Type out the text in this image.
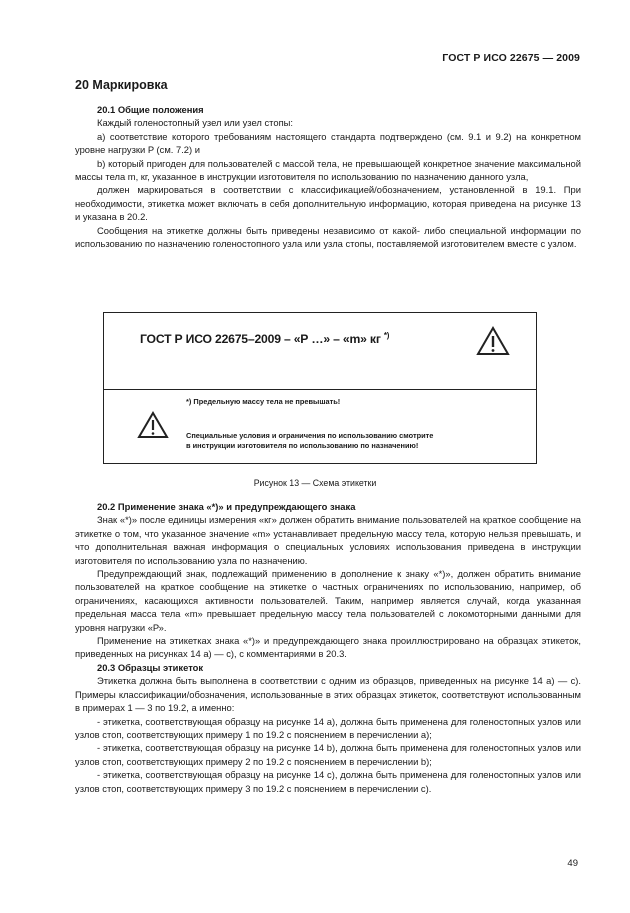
ГОСТ Р ИСО 22675 — 2009
20 Маркировка

20.1 Общие положения

Каждый голеностопный узел или узел стопы:

а) соответствие которого требованиям настоящего стандарта подтверждено (см. 9.1 и 9.2) на конкретном уровне нагрузки P (см. 7.2) и

b) который пригоден для пользователей с массой тела, не превышающей конкретное значение максимальной массы тела m, кг, указанное в инструкции изготовителя по использованию по назначению данного узла,

должен маркироваться в соответствии с классификацией/обозначением, установленной в 19.1. При необходимости, этикетка может включать в себя дополнительную информацию, которая приведена на рисунке 13 и указана в 20.2.

Сообщения на этикетке должны быть приведены независимо от какой- либо специальной информации по использованию по назначению голеностопного узла или узла стопы, поставляемой изготовителем вместе с узлом.

ГОСТ Р ИСО 22675–2009 – «Р …» – «m» кг *)
*) Предельную массу тела не превышать!
Специальные условия и ограничения по использованию смотрите
в инструкции изготовителя по использованию по назначению!
Рисунок 13 — Схема этикетки

20.2 Применение знака «*)» и предупреждающего знака

Знак «*)» после единицы измерения «кг» должен обратить внимание пользователей на краткое сообщение на этикетке о том, что указанное значение «m» устанавливает предельную массу тела, которую нельзя превышать, и что дополнительная важная информация о специальных условиях использования приведена в инструкции изготовителя по использованию узла по назначению.

Предупреждающий знак, подлежащий применению в дополнение к знаку «*)», должен обратить внимание пользователей на краткое сообщение на этикетке о частных ограничениях по использованию, например, об ограничениях, касающихся активности пользователей. Таким, например является случай, когда указанная предельная масса тела «m» превышает предельную массу тела пользователей с локомоторными данными для уровня нагрузки «Р».

Применение на этикетках знака «*)» и предупреждающего знака проиллюстрировано на образцах этикеток, приведенных на рисунках 14 а) — с), с комментариями в 20.3.

20.3 Образцы этикеток

Этикетка должна быть выполнена в соответствии с одним из образцов, приведенных на рисунке 14 а) — с). Примеры классификации/обозначения, использованные в этих образцах этикеток, соответствуют использованным в примерах 1 — 3 по 19.2, а именно:

- этикетка, соответствующая образцу на рисунке 14 а), должна быть применена для голеностопных узлов или узлов стоп, соответствующих примеру 1 по 19.2 с пояснением в перечислении а);

- этикетка, соответствующая образцу на рисунке 14 b), должна быть применена для голеностопных узлов или узлов стоп, соответствующих примеру 2 по 19.2 с пояснением в перечислении b);

- этикетка, соответствующая образцу на рисунке 14 с), должна быть применена для голеностопных узлов или узлов стоп, соответствующих примеру 3 по 19.2 с пояснением в перечислении с).

49
